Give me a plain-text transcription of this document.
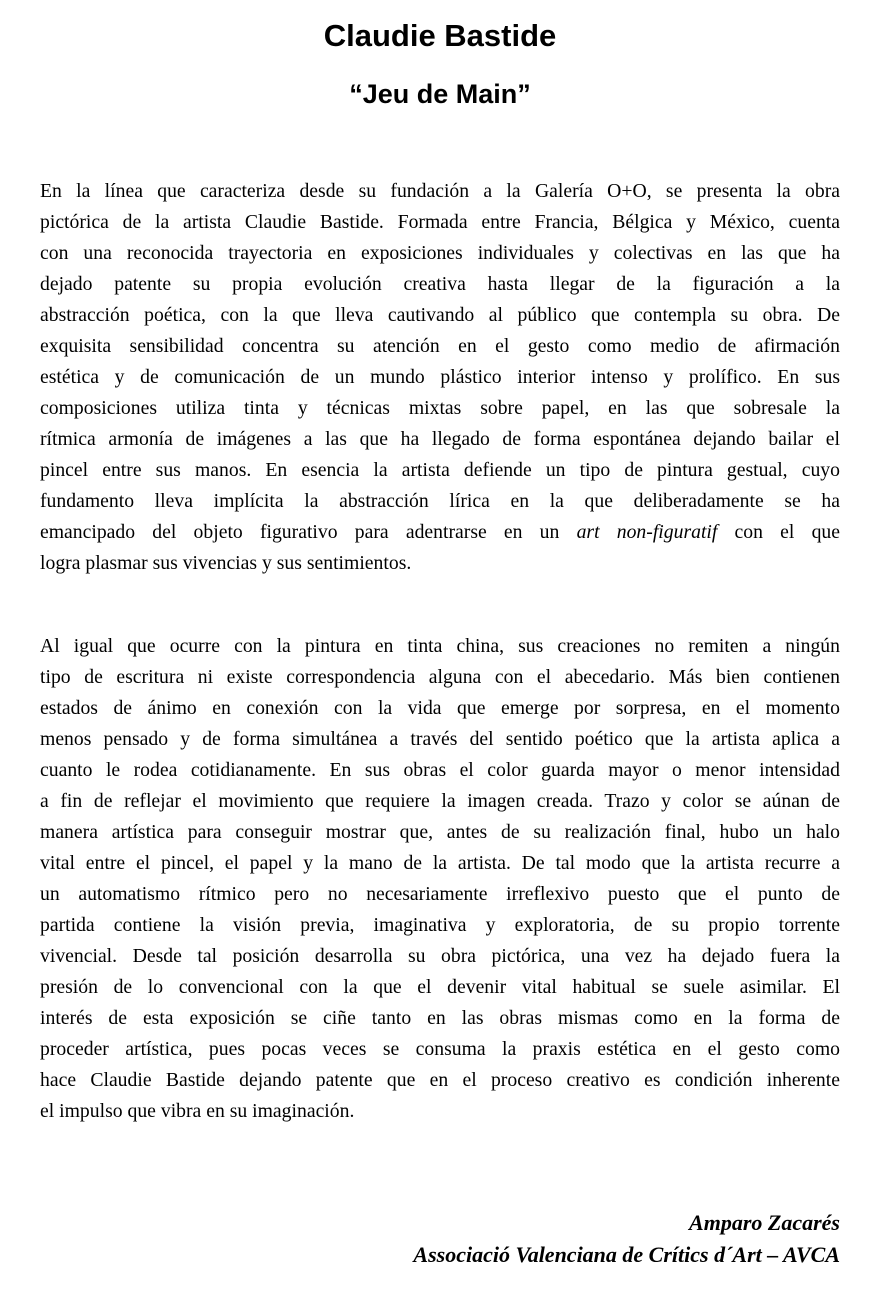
Claudie Bastide
“Jeu de Main”
En la línea que caracteriza desde su fundación a la Galería O+O, se presenta la obra
pictórica de la artista Claudie Bastide. Formada entre Francia, Bélgica y México, cuenta
con una reconocida trayectoria en exposiciones individuales y colectivas en las que ha
dejado patente su propia evolución creativa hasta llegar de la figuración a la
abstracción poética, con la que lleva cautivando al público que contempla su obra. De
exquisita sensibilidad concentra su atención en el gesto como medio de afirmación
estética y de comunicación de un mundo plástico interior intenso y prolífico. En sus
composiciones utiliza tinta y técnicas mixtas sobre papel, en las que sobresale la
rítmica armonía de imágenes a las que ha llegado de forma espontánea dejando bailar el
pincel entre sus manos. En esencia la artista defiende un tipo de pintura gestual, cuyo
fundamento lleva implícita la abstracción lírica en la que deliberadamente se ha
emancipado del objeto figurativo para adentrarse en un art non-figuratif con el que
logra plasmar sus vivencias y sus sentimientos.
Al igual que ocurre con la pintura en tinta china, sus creaciones no remiten a ningún
tipo de escritura ni existe correspondencia alguna con el abecedario. Más bien contienen
estados de ánimo en conexión con la vida que emerge por sorpresa, en el momento
menos pensado y de forma simultánea a través del sentido poético que la artista aplica a
cuanto le rodea cotidianamente. En sus obras el color guarda mayor o menor intensidad
a fin de reflejar el movimiento que requiere la imagen creada. Trazo y color se aúnan de
manera artística para conseguir mostrar que, antes de su realización final, hubo un halo
vital entre el pincel, el papel y la mano de la artista. De tal modo que la artista recurre a
un automatismo rítmico pero no necesariamente irreflexivo puesto que el punto de
partida contiene la visión previa, imaginativa y exploratoria, de su propio torrente
vivencial. Desde tal posición desarrolla su obra pictórica, una vez ha dejado fuera la
presión de lo convencional con la que el devenir vital habitual se suele asimilar. El
interés de esta exposición se ciñe tanto en las obras mismas como en la forma de
proceder artística, pues pocas veces se consuma la praxis estética en el gesto como
hace Claudie Bastide dejando patente que en el proceso creativo es condición inherente
el impulso que vibra en su imaginación.
Amparo Zacarés
Associació Valenciana de Crítics d´Art – AVCA
